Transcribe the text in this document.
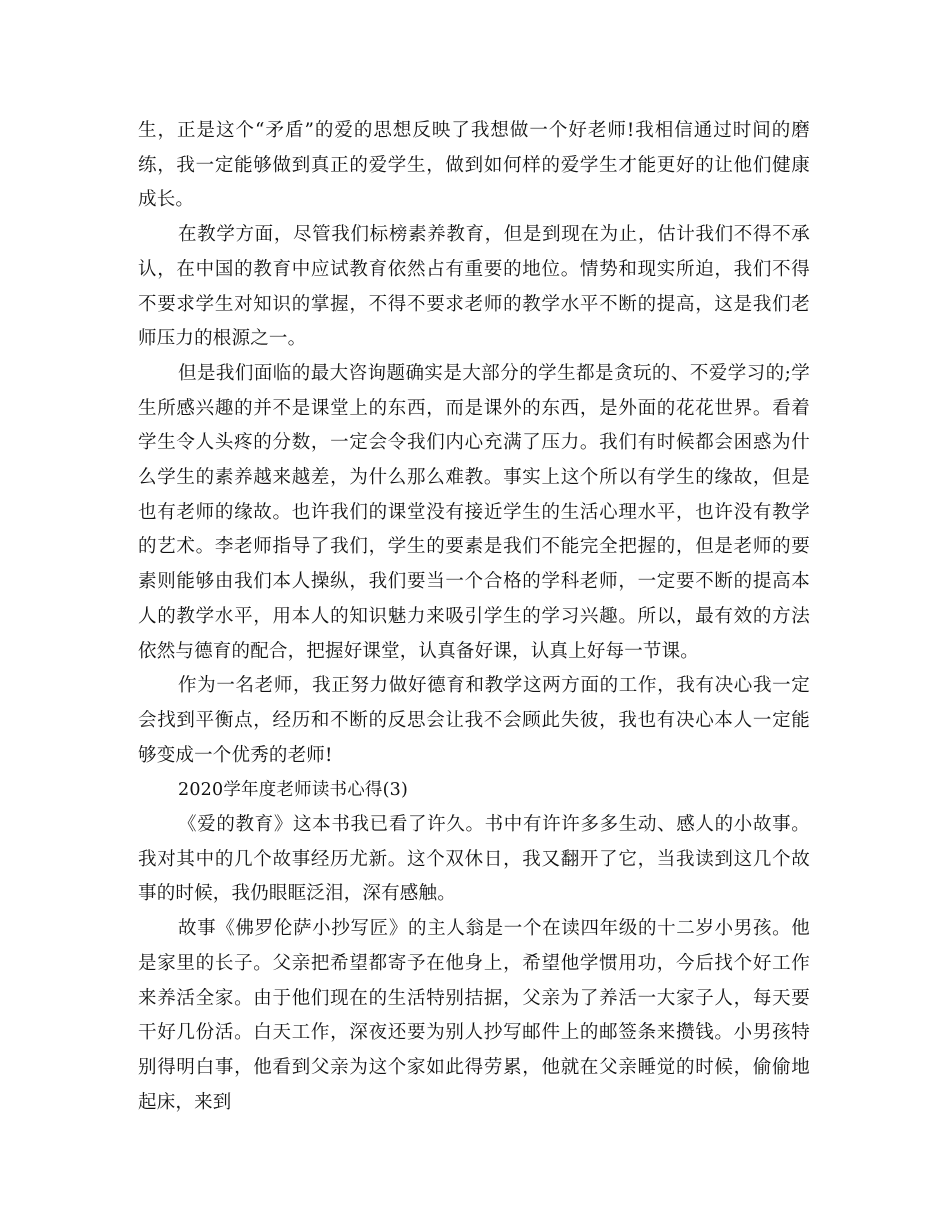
生，正是这个“矛盾”的爱的思想反映了我想做一个好老师!我相信通过时间的磨练，我一定能够做到真正的爱学生，做到如何样的爱学生才能更好的让他们健康成长。

在教学方面，尽管我们标榜素养教育，但是到现在为止，估计我们不得不承认，在中国的教育中应试教育依然占有重要的地位。情势和现实所迫，我们不得不要求学生对知识的掌握，不得不要求老师的教学水平不断的提高，这是我们老师压力的根源之一。

但是我们面临的最大咨询题确实是大部分的学生都是贪玩的、不爱学习的;学生所感兴趣的并不是课堂上的东西，而是课外的东西，是外面的花花世界。看着学生令人头疼的分数，一定会令我们内心充满了压力。我们有时候都会困惑为什么学生的素养越来越差，为什么那么难教。事实上这个所以有学生的缘故，但是也有老师的缘故。也许我们的课堂没有接近学生的生活心理水平，也许没有教学的艺术。李老师指导了我们，学生的要素是我们不能完全把握的，但是老师的要素则能够由我们本人操纵，我们要当一个合格的学科老师，一定要不断的提高本人的教学水平，用本人的知识魅力来吸引学生的学习兴趣。所以，最有效的方法依然与德育的配合，把握好课堂，认真备好课，认真上好每一节课。

作为一名老师，我正努力做好德育和教学这两方面的工作，我有决心我一定会找到平衡点，经历和不断的反思会让我不会顾此失彼，我也有决心本人一定能够变成一个优秀的老师!

2020学年度老师读书心得(3)

《爱的教育》这本书我已看了许久。书中有许许多多生动、感人的小故事。我对其中的几个故事经历尤新。这个双休日，我又翻开了它，当我读到这几个故事的时候，我仍眼眶泛泪，深有感触。

故事《佛罗伦萨小抄写匠》的主人翁是一个在读四年级的十二岁小男孩。他是家里的长子。父亲把希望都寄予在他身上，希望他学惯用功，今后找个好工作来养活全家。由于他们现在的生活特别拮据，父亲为了养活一大家子人，每天要干好几份活。白天工作，深夜还要为别人抄写邮件上的邮签条来攒钱。小男孩特别得明白事，他看到父亲为这个家如此得劳累，他就在父亲睡觉的时候，偷偷地起床，来到
